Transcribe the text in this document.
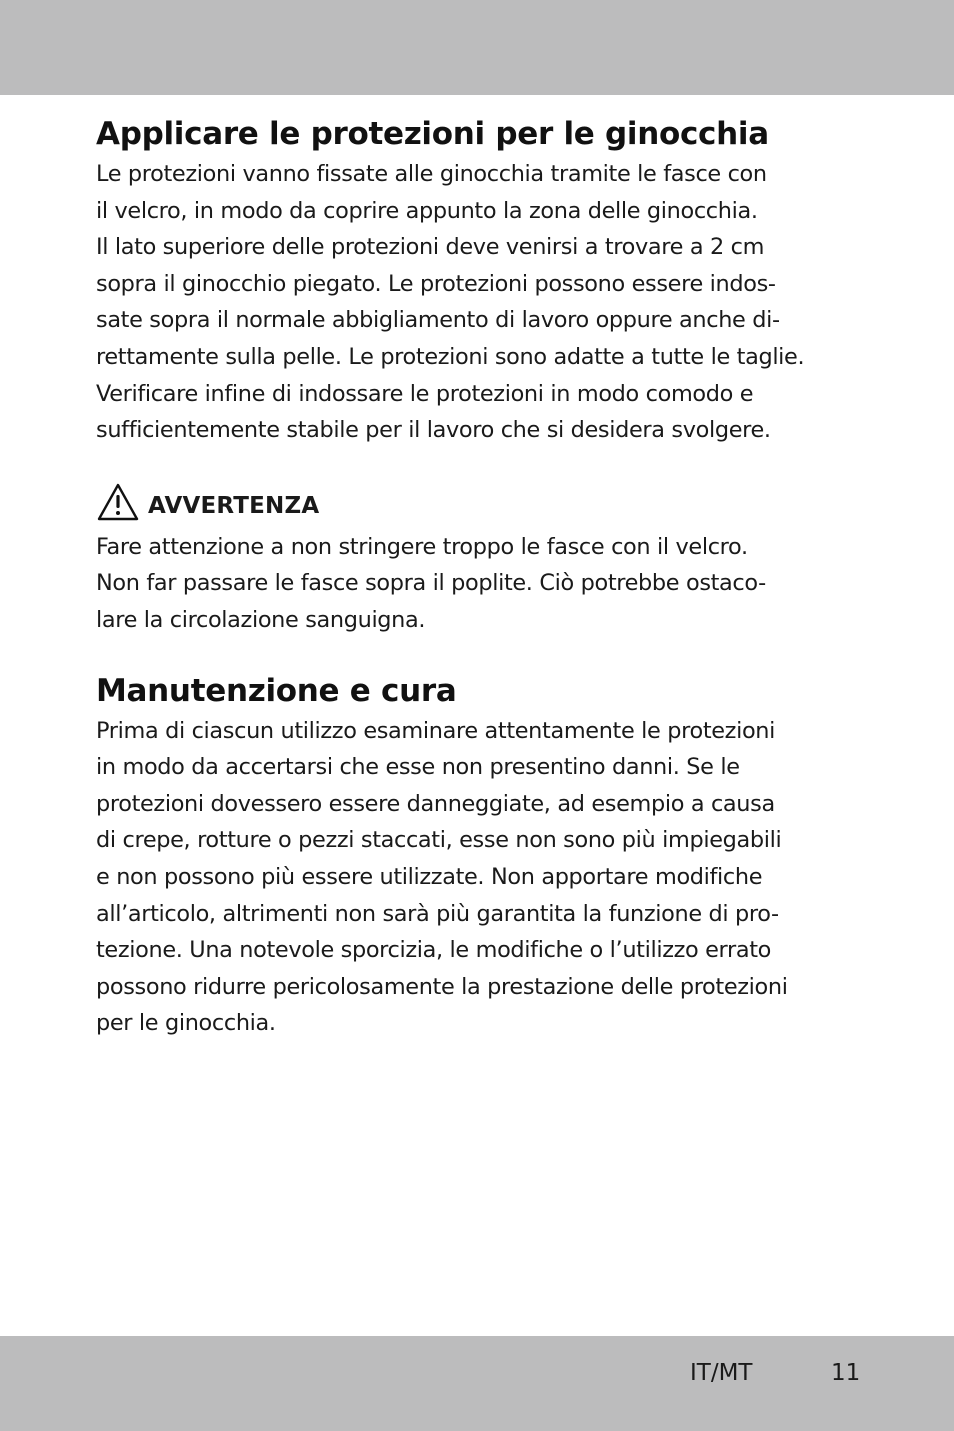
Applicare le protezioni per le ginocchia

Le protezioni vanno fissate alle ginocchia tramite le fasce con
il velcro, in modo da coprire appunto la zona delle ginocchia.
Il lato superiore delle protezioni deve venirsi a trovare a 2 cm
sopra il ginocchio piegato. Le protezioni possono essere indos-
sate sopra il normale abbigliamento di lavoro oppure anche di-
rettamente sulla pelle. Le protezioni sono adatte a tutte le taglie.
Verificare infine di indossare le protezioni in modo comodo e
sufficientemente stabile per il lavoro che si desidera svolgere.

AVVERTENZA

Fare attenzione a non stringere troppo le fasce con il velcro.
Non far passare le fasce sopra il poplite. Ciò potrebbe ostaco-
lare la circolazione sanguigna.

Manutenzione e cura

Prima di ciascun utilizzo esaminare attentamente le protezioni
in modo da accertarsi che esse non presentino danni. Se le
protezioni dovessero essere danneggiate, ad esempio a causa
di crepe, rotture o pezzi staccati, esse non sono più impiegabili
e non possono più essere utilizzate. Non apportare modifiche
all’articolo, altrimenti non sarà più garantita la funzione di pro-
tezione. Una notevole sporcizia, le modifiche o l’utilizzo errato
possono ridurre pericolosamente la prestazione delle protezioni
per le ginocchia.

IT/MT	11
